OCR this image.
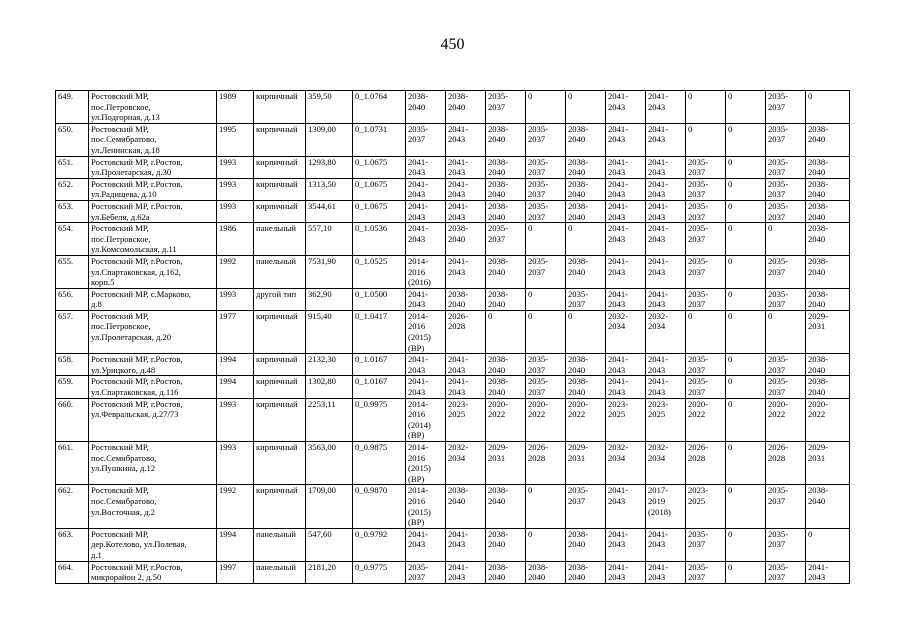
450
649.	Ростовский МР,
пос.Петровское,
ул.Подгорная, д.13	1989	кирпичный	359,50	0_1.0764	2038-
2040	2038-
2040	2035-
2037	0	0	2041-
2043	2041-
2043	0	0	2035-
2037	0
650.	Ростовский МР,
пос.Семибратово,
ул.Ленинская, д.18	1995	кирпичный	1309,00	0_1.0731	2035-
2037	2041-
2043	2038-
2040	2035-
2037	2038-
2040	2041-
2043	2041-
2043	0	0	2035-
2037	2038-
2040
651.	Ростовский МР, г.Ростов,
ул.Пролетарская, д.30	1993	кирпичный	1293,80	0_1.0675	2041-
2043	2041-
2043	2038-
2040	2035-
2037	2038-
2040	2041-
2043	2041-
2043	2035-
2037	0	2035-
2037	2038-
2040
652.	Ростовский МР, г.Ростов,
ул.Радищева, д.10	1993	кирпичный	1313,50	0_1.0675	2041-
2043	2041-
2043	2038-
2040	2035-
2037	2038-
2040	2041-
2043	2041-
2043	2035-
2037	0	2035-
2037	2038-
2040
653.	Ростовский МР, г.Ростов,
ул.Бебеля, д.62а	1993	кирпичный	3544,61	0_1.0675	2041-
2043	2041-
2043	2038-
2040	2035-
2037	2038-
2040	2041-
2043	2041-
2043	2035-
2037	0	2035-
2037	2038-
2040
654.	Ростовский МР,
пос.Петровское,
ул.Комсомольская, д.11	1986	панельный	557,10	0_1.0536	2041-
2043	2038-
2040	2035-
2037	0	0	2041-
2043	2041-
2043	2035-
2037	0	0	2038-
2040
655.	Ростовский МР, г.Ростов,
ул.Спартаковская, д.162,
корп.5	1992	панельный	7531,90	0_1.0525	2014-
2016
(2016)	2041-
2043	2038-
2040	2035-
2037	2038-
2040	2041-
2043	2041-
2043	2035-
2037	0	2035-
2037	2038-
2040
656.	Ростовский МР, с.Марково,
д.8	1993	другой тип	362,90	0_1.0500	2041-
2043	2038-
2040	2038-
2040	0	2035-
2037	2041-
2043	2041-
2043	2035-
2037	0	2035-
2037	2038-
2040
657.	Ростовский МР,
пос.Петровское,
ул.Пролетарская, д.20	1977	кирпичный	915,40	0_1.0417	2014-
2016
(2015)
(ВР)	2026-
2028	0	0	0	2032-
2034	2032-
2034	0	0	0	2029-
2031
658.	Ростовский МР, г.Ростов,
ул.Урицкого, д.48	1994	кирпичный	2132,30	0_1.0167	2041-
2043	2041-
2043	2038-
2040	2035-
2037	2038-
2040	2041-
2043	2041-
2043	2035-
2037	0	2035-
2037	2038-
2040
659.	Ростовский МР, г.Ростов,
ул.Спартаковская, д.116	1994	кирпичный	1302,80	0_1.0167	2041-
2043	2041-
2043	2038-
2040	2035-
2037	2038-
2040	2041-
2043	2041-
2043	2035-
2037	0	2035-
2037	2038-
2040
660.	Ростовский МР, г.Ростов,
ул.Февральская, д.27/73	1993	кирпичный	2253,11	0_0.9975	2014-
2016
(2014)
(ВР)	2023-
2025	2020-
2022	2020-
2022	2020-
2022	2023-
2025	2023-
2025	2020-
2022	0	2020-
2022	2020-
2022
661.	Ростовский МР,
пос.Семибратово,
ул.Пушкина, д.12	1993	кирпичный	3563,00	0_0.9875	2014-
2016
(2015)
(ВР)	2032-
2034	2029-
2031	2026-
2028	2029-
2031	2032-
2034	2032-
2034	2026-
2028	0	2026-
2028	2029-
2031
662.	Ростовский МР,
пос.Семибратово,
ул.Восточная, д.2	1992	кирпичный	1709,00	0_0.9870	2014-
2016
(2015)
(ВР)	2038-
2040	2038-
2040	0	2035-
2037	2041-
2043	2017-
2019
(2018)	2023-
2025	0	2035-
2037	2038-
2040
663.	Ростовский МР,
дер.Котелово, ул.Полевая,
д.1	1994	панельный	547,60	0_0.9792	2041-
2043	2041-
2043	2038-
2040	0	2038-
2040	2041-
2043	2041-
2043	2035-
2037	0	2035-
2037	0
664.	Ростовский МР, г.Ростов,
микрорайон 2, д.50	1997	панельный	2181,20	0_0.9775	2035-
2037	2041-
2043	2038-
2040	2038-
2040	2038-
2040	2041-
2043	2041-
2043	2035-
2037	0	2035-
2037	2041-
2043
